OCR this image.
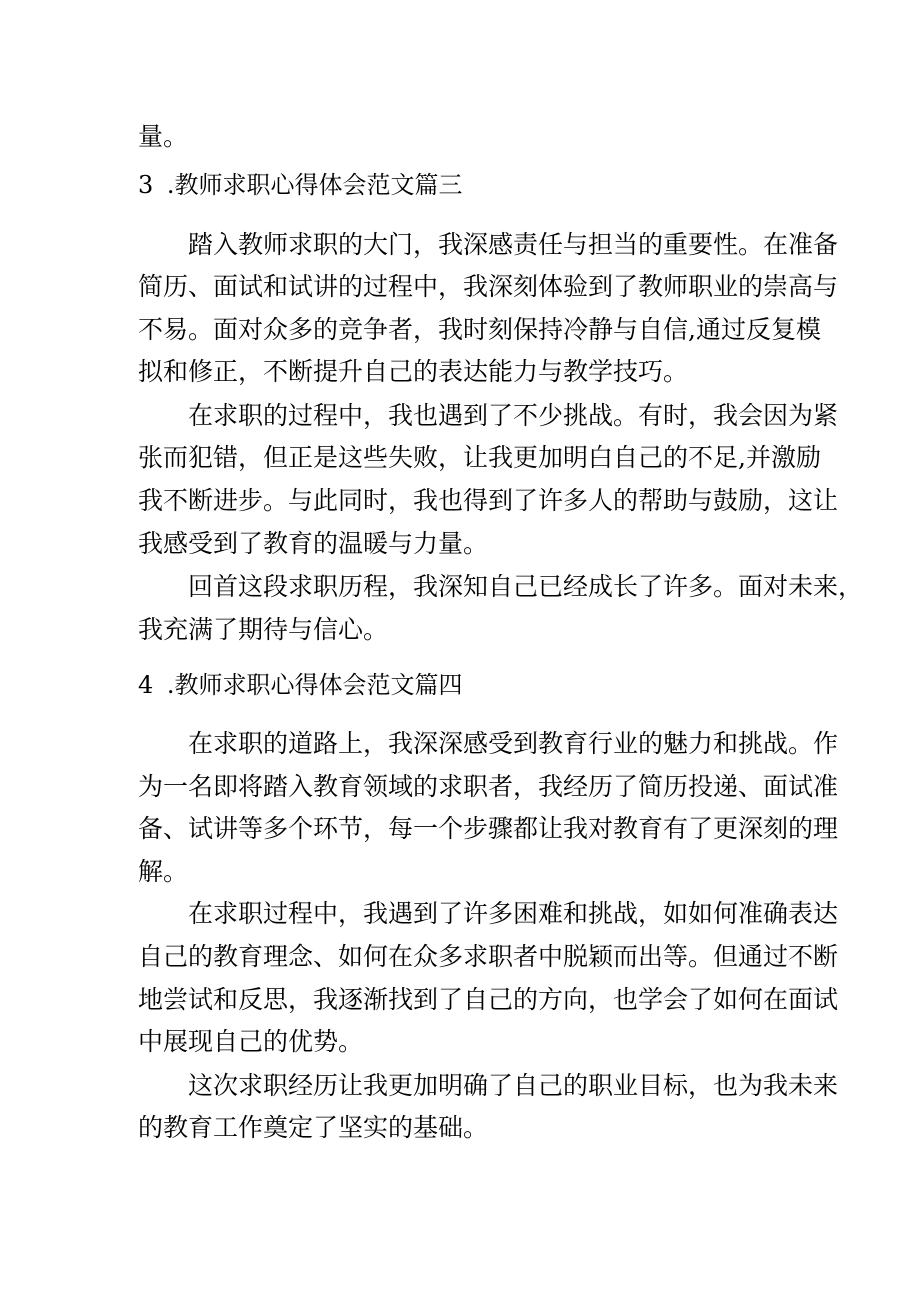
量。
3 .教师求职心得体会范文篇三
踏入教师求职的大门，我深感责任与担当的重要性。在准备
简历、面试和试讲的过程中，我深刻体验到了教师职业的崇高与
不易。面对众多的竞争者，我时刻保持冷静与自信,通过反复模
拟和修正，不断提升自己的表达能力与教学技巧。
在求职的过程中，我也遇到了不少挑战。有时，我会因为紧
张而犯错，但正是这些失败，让我更加明白自己的不足,并激励
我不断进步。与此同时，我也得到了许多人的帮助与鼓励，这让
我感受到了教育的温暖与力量。
回首这段求职历程，我深知自己已经成长了许多。面对未来，
我充满了期待与信心。
4 .教师求职心得体会范文篇四
在求职的道路上，我深深感受到教育行业的魅力和挑战。作
为一名即将踏入教育领域的求职者，我经历了简历投递、面试准
备、试讲等多个环节，每一个步骤都让我对教育有了更深刻的理
解。
在求职过程中，我遇到了许多困难和挑战，如如何准确表达
自己的教育理念、如何在众多求职者中脱颖而出等。但通过不断
地尝试和反思，我逐渐找到了自己的方向，也学会了如何在面试
中展现自己的优势。
这次求职经历让我更加明确了自己的职业目标，也为我未来
的教育工作奠定了坚实的基础。
